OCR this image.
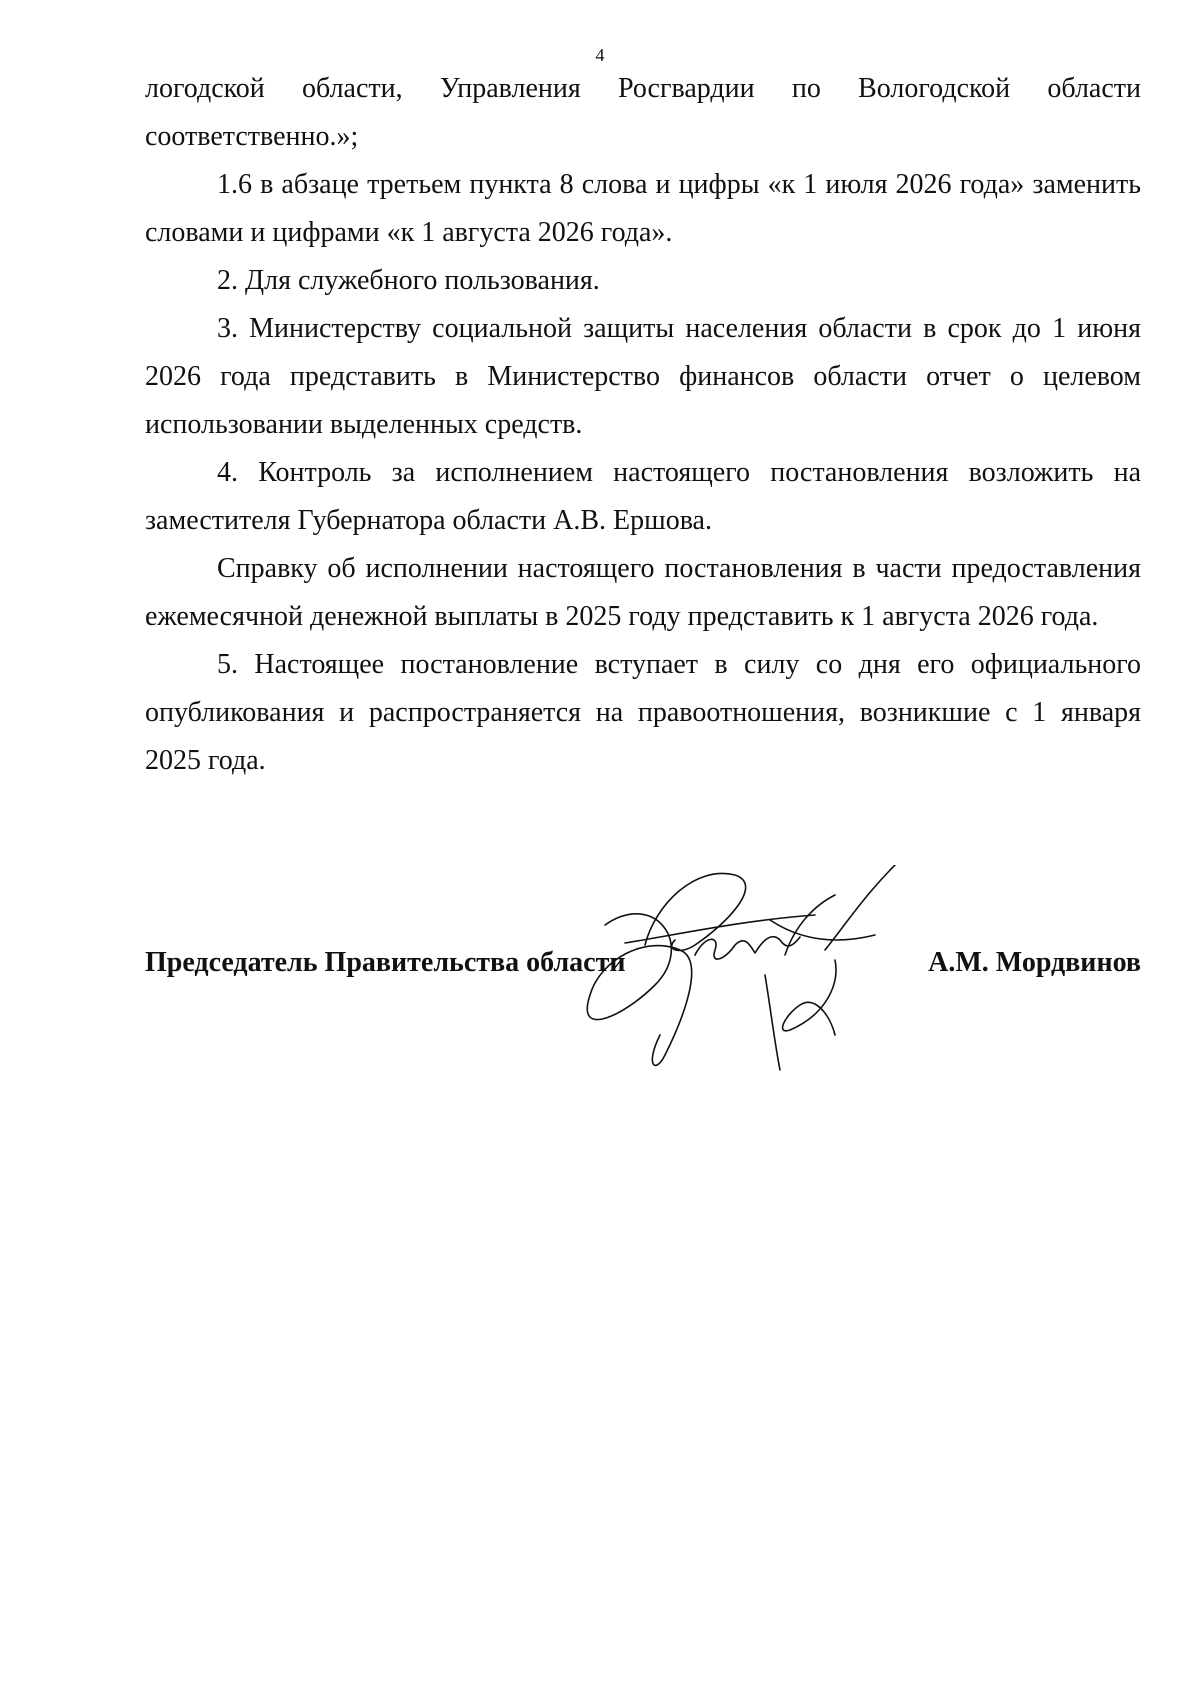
4

логодской области, Управления Росгвардии по Вологодской области соответственно.»;

1.6 в абзаце третьем пункта 8 слова и цифры «к 1 июля 2026 года» заменить словами и цифрами «к 1 августа 2026 года».

2. Для служебного пользования.

3. Министерству социальной защиты населения области в срок до 1 июня 2026 года представить в Министерство финансов области отчет о целевом использовании выделенных средств.

4. Контроль за исполнением настоящего постановления возложить на заместителя Губернатора области А.В. Ершова.

Справку об исполнении настоящего постановления в части предоставления ежемесячной денежной выплаты в 2025 году представить к 1 августа 2026 года.

5. Настоящее постановление вступает в силу со дня его официального опубликования и распространяется на правоотношения, возникшие с 1 января 2025 года.

Председатель Правительства области	А.М. Мордвинов
